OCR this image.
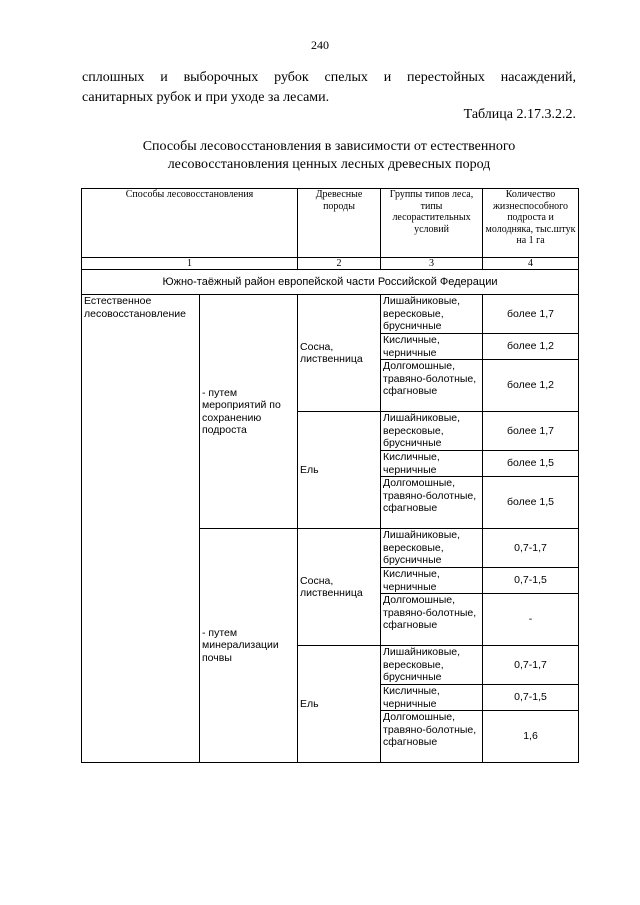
240
сплошных и выборочных рубок спелых и перестойных насаждений,
санитарных рубок и при уходе за лесами.
Таблица 2.17.3.2.2.
Способы лесовосстановления в зависимости от естественного
лесовосстановления ценных лесных древесных пород
Способы лесовосстановления		Древесные породы	Группы типов леса, типы лесорастительных условий	Количество жизнеспособного подроста и молодняка, тыс.штук на 1 га
1		2	3	4
Южно-таёжный район европейской части Российской Федерации				
Естественное лесовосстановление	- путем мероприятий по сохранению подроста	Сосна, лиственница	Лишайниковые, вересковые, брусничные	более 1,7
			Кисличные, черничные	более 1,2
			Долгомошные, травяно-болотные, сфагновые	более 1,2
		Ель	Лишайниковые, вересковые, брусничные	более 1,7
			Кисличные, черничные	более 1,5
			Долгомошные, травяно-болотные, сфагновые	более 1,5
	- путем минерализации почвы	Сосна, лиственница	Лишайниковые, вересковые, брусничные	0,7-1,7
			Кисличные, черничные	0,7-1,5
			Долгомошные, травяно-болотные, сфагновые	-
		Ель	Лишайниковые, вересковые, брусничные	0,7-1,7
			Кисличные, черничные	0,7-1,5
			Долгомошные, травяно-болотные, сфагновые	1,6
